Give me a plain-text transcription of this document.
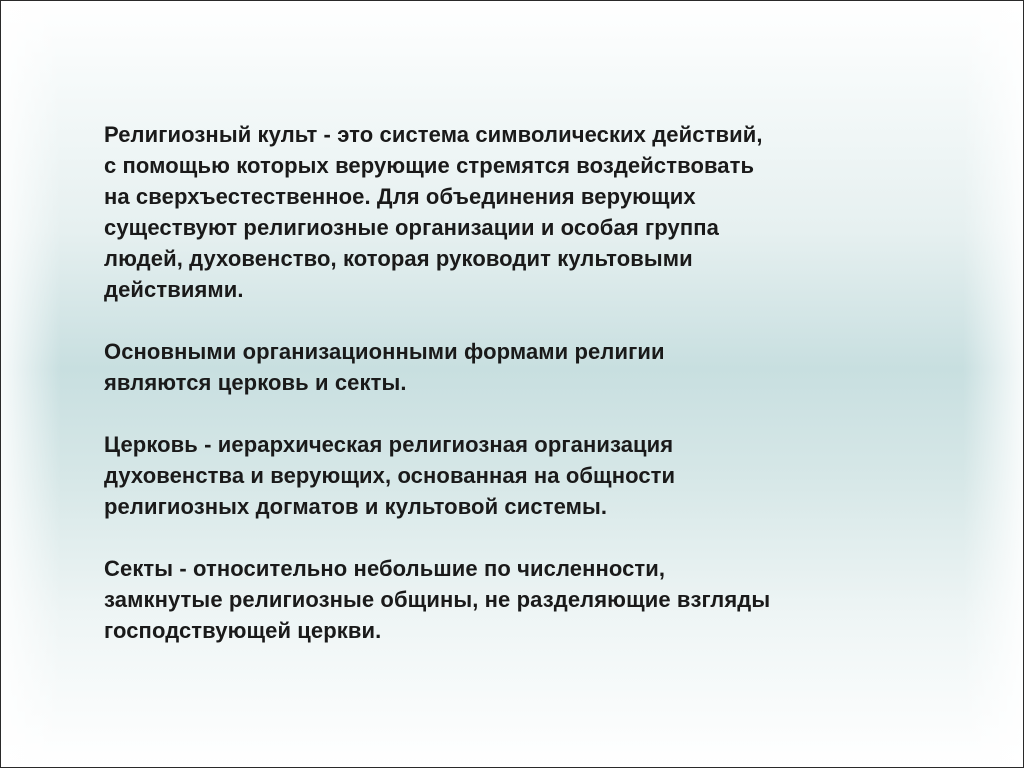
Религиозный культ - это система символических действий,
с помощью которых верующие стремятся воздействовать
на сверхъестественное. Для объединения верующих
существуют религиозные организации и особая группа
людей, духовенство, которая руководит культовыми
действиями.

Основными организационными формами религии
являются церковь и секты.

Церковь - иерархическая религиозная организация
духовенства и верующих, основанная на общности
религиозных догматов и культовой системы.

Секты - относительно небольшие по численности,
замкнутые религиозные общины, не разделяющие взгляды
господствующей церкви.
